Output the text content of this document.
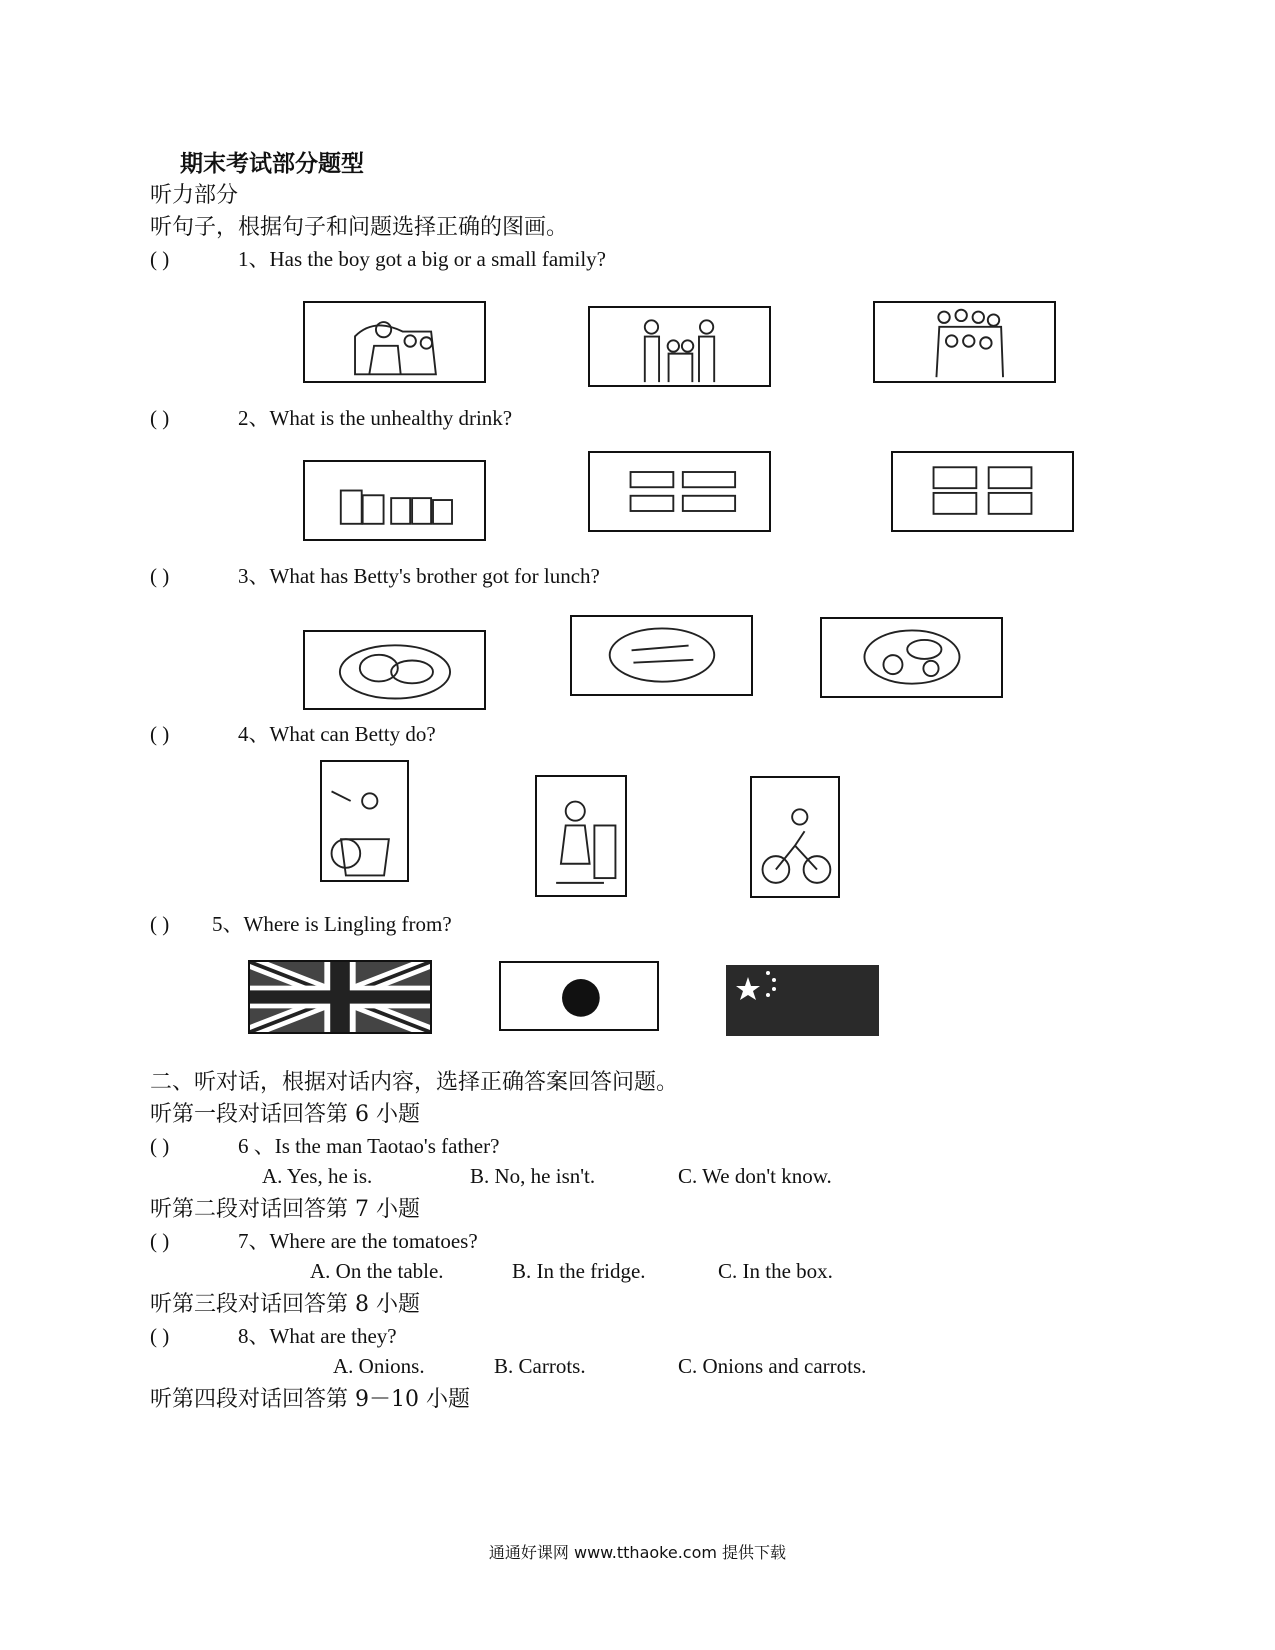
期末考试部分题型
听力部分
听句子，根据句子和问题选择正确的图画。
( )	1、Has the boy got a big or a small family?
( )	2、What is the unhealthy drink?
( )	3、What has Betty's brother got for lunch?
( )	4、What can Betty do?
( ) 5、Where is Lingling from?
二、听对话，根据对话内容，选择正确答案回答问题。
听第一段对话回答第 6 小题
( )	6 、Is the man Taotao's father?
A. Yes, he is.	B. No, he isn't.	C. We don't know.
听第二段对话回答第 7 小题
( )	7、Where are the tomatoes?
A. On the table.	B. In the fridge.	C. In the box.
听第三段对话回答第 8 小题
( )	8、What are they?
A. Onions.	B. Carrots.	C. Onions and carrots.
听第四段对话回答第 9－10 小题
通通好课网 www.tthaoke.com 提供下载
